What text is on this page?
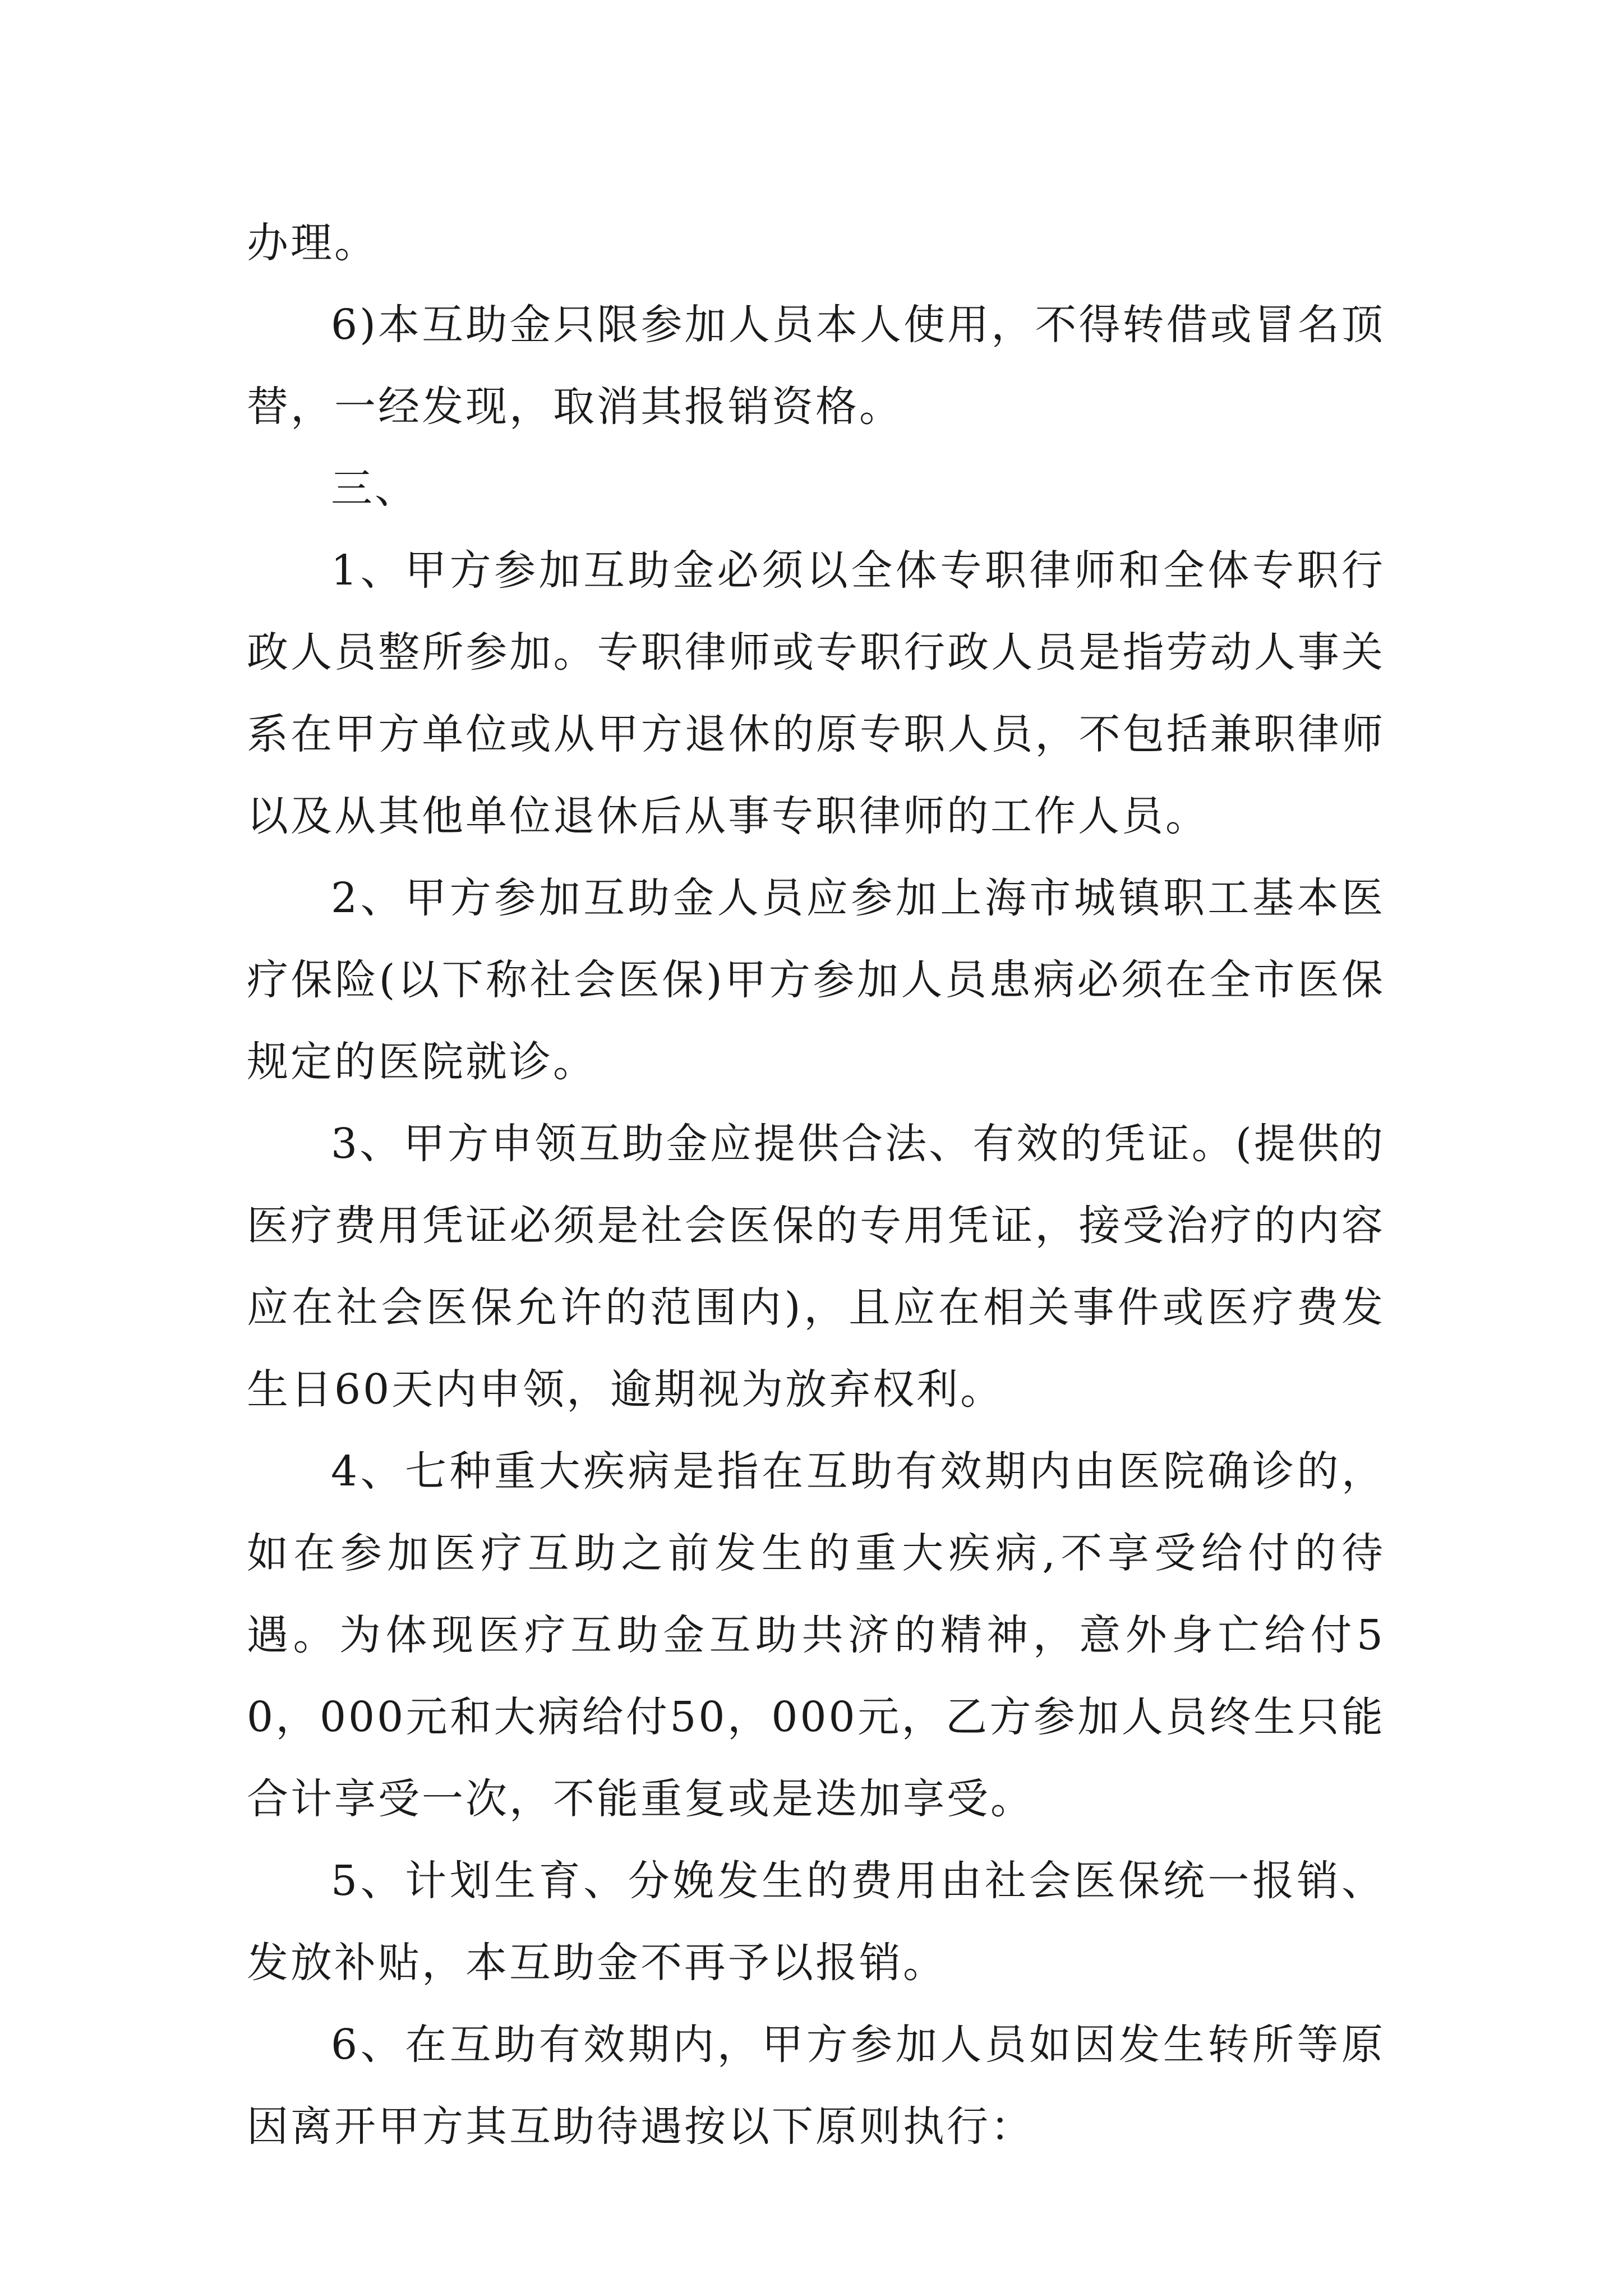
办理。

6)本互助金只限参加人员本人使用，不得转借或冒名顶替，一经发现，取消其报销资格。

三、

1、甲方参加互助金必须以全体专职律师和全体专职行政人员整所参加。专职律师或专职行政人员是指劳动人事关系在甲方单位或从甲方退休的原专职人员，不包括兼职律师以及从其他单位退休后从事专职律师的工作人员。

2、甲方参加互助金人员应参加上海市城镇职工基本医疗保险(以下称社会医保)甲方参加人员患病必须在全市医保规定的医院就诊。

3、甲方申领互助金应提供合法、有效的凭证。(提供的医疗费用凭证必须是社会医保的专用凭证，接受治疗的内容应在社会医保允许的范围内)，且应在相关事件或医疗费发生日60天内申领，逾期视为放弃权利。

4、七种重大疾病是指在互助有效期内由医院确诊的，如在参加医疗互助之前发生的重大疾病,不享受给付的待遇。为体现医疗互助金互助共济的精神，意外身亡给付50，000元和大病给付50，000元，乙方参加人员终生只能合计享受一次，不能重复或是迭加享受。

5、计划生育、分娩发生的费用由社会医保统一报销、发放补贴，本互助金不再予以报销。

6、在互助有效期内，甲方参加人员如因发生转所等原因离开甲方其互助待遇按以下原则执行：
